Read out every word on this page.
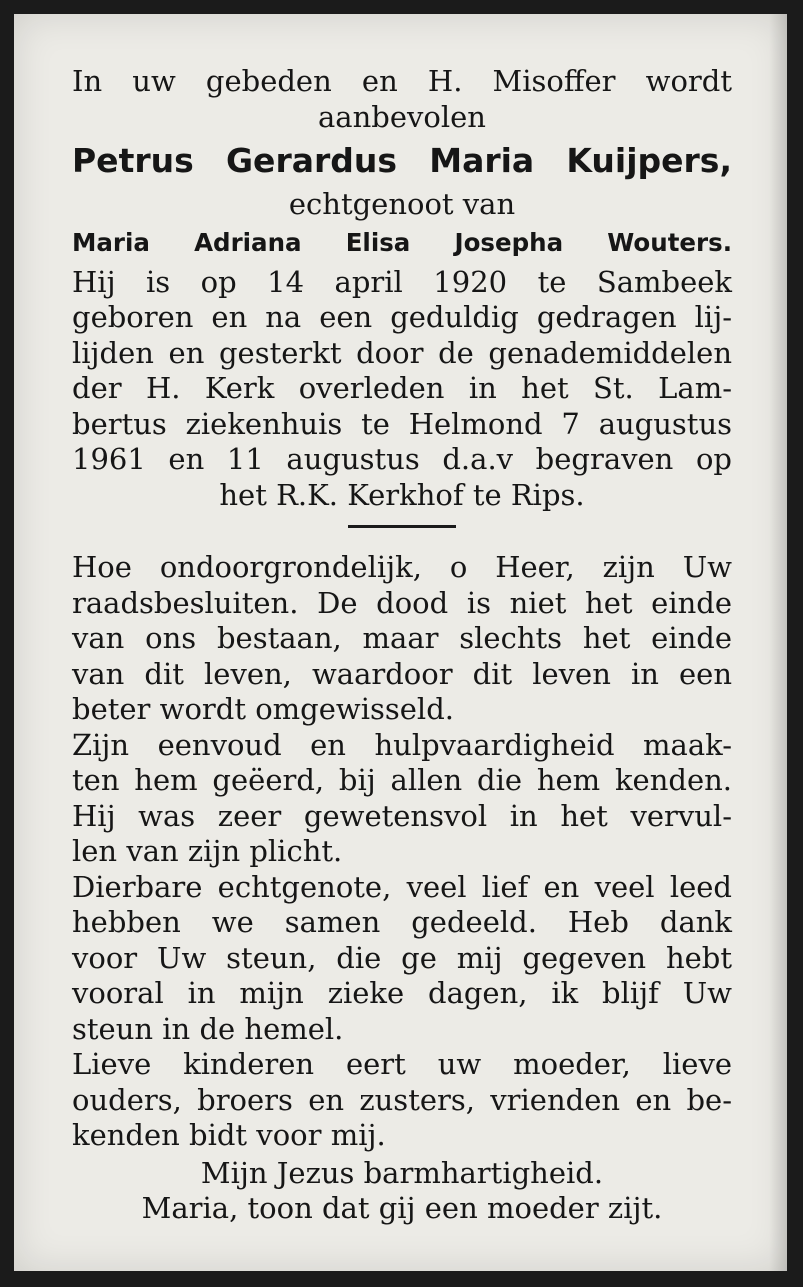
In uw gebeden en H. Misoffer wordt

aanbevolen

Petrus Gerardus Maria Kuijpers,

echtgenoot van

Maria Adriana Elisa Josepha Wouters.

Hij is op 14 april 1920 te Sambeek

geboren en na een geduldig gedragen lij-

lijden en gesterkt door de genademiddelen

der H. Kerk overleden in het St. Lam-

bertus ziekenhuis te Helmond 7 augustus

1961 en 11 augustus d.a.v begraven op

het R.K. Kerkhof te Rips.

Hoe ondoorgrondelijk, o Heer, zijn Uw

raadsbesluiten. De dood is niet het einde

van ons bestaan, maar slechts het einde

van dit leven, waardoor dit leven in een

beter wordt omgewisseld.

Zijn eenvoud en hulpvaardigheid maak-

ten hem geëerd, bij allen die hem kenden.

Hij was zeer gewetensvol in het vervul-

len van zijn plicht.

Dierbare echtgenote, veel lief en veel leed

hebben we samen gedeeld. Heb dank

voor Uw steun, die ge mij gegeven hebt

vooral in mijn zieke dagen, ik blijf Uw

steun in de hemel.

Lieve kinderen eert uw moeder, lieve

ouders, broers en zusters, vrienden en be-

kenden bidt voor mij.

Mijn Jezus barmhartigheid.

Maria, toon dat gij een moeder zijt.
